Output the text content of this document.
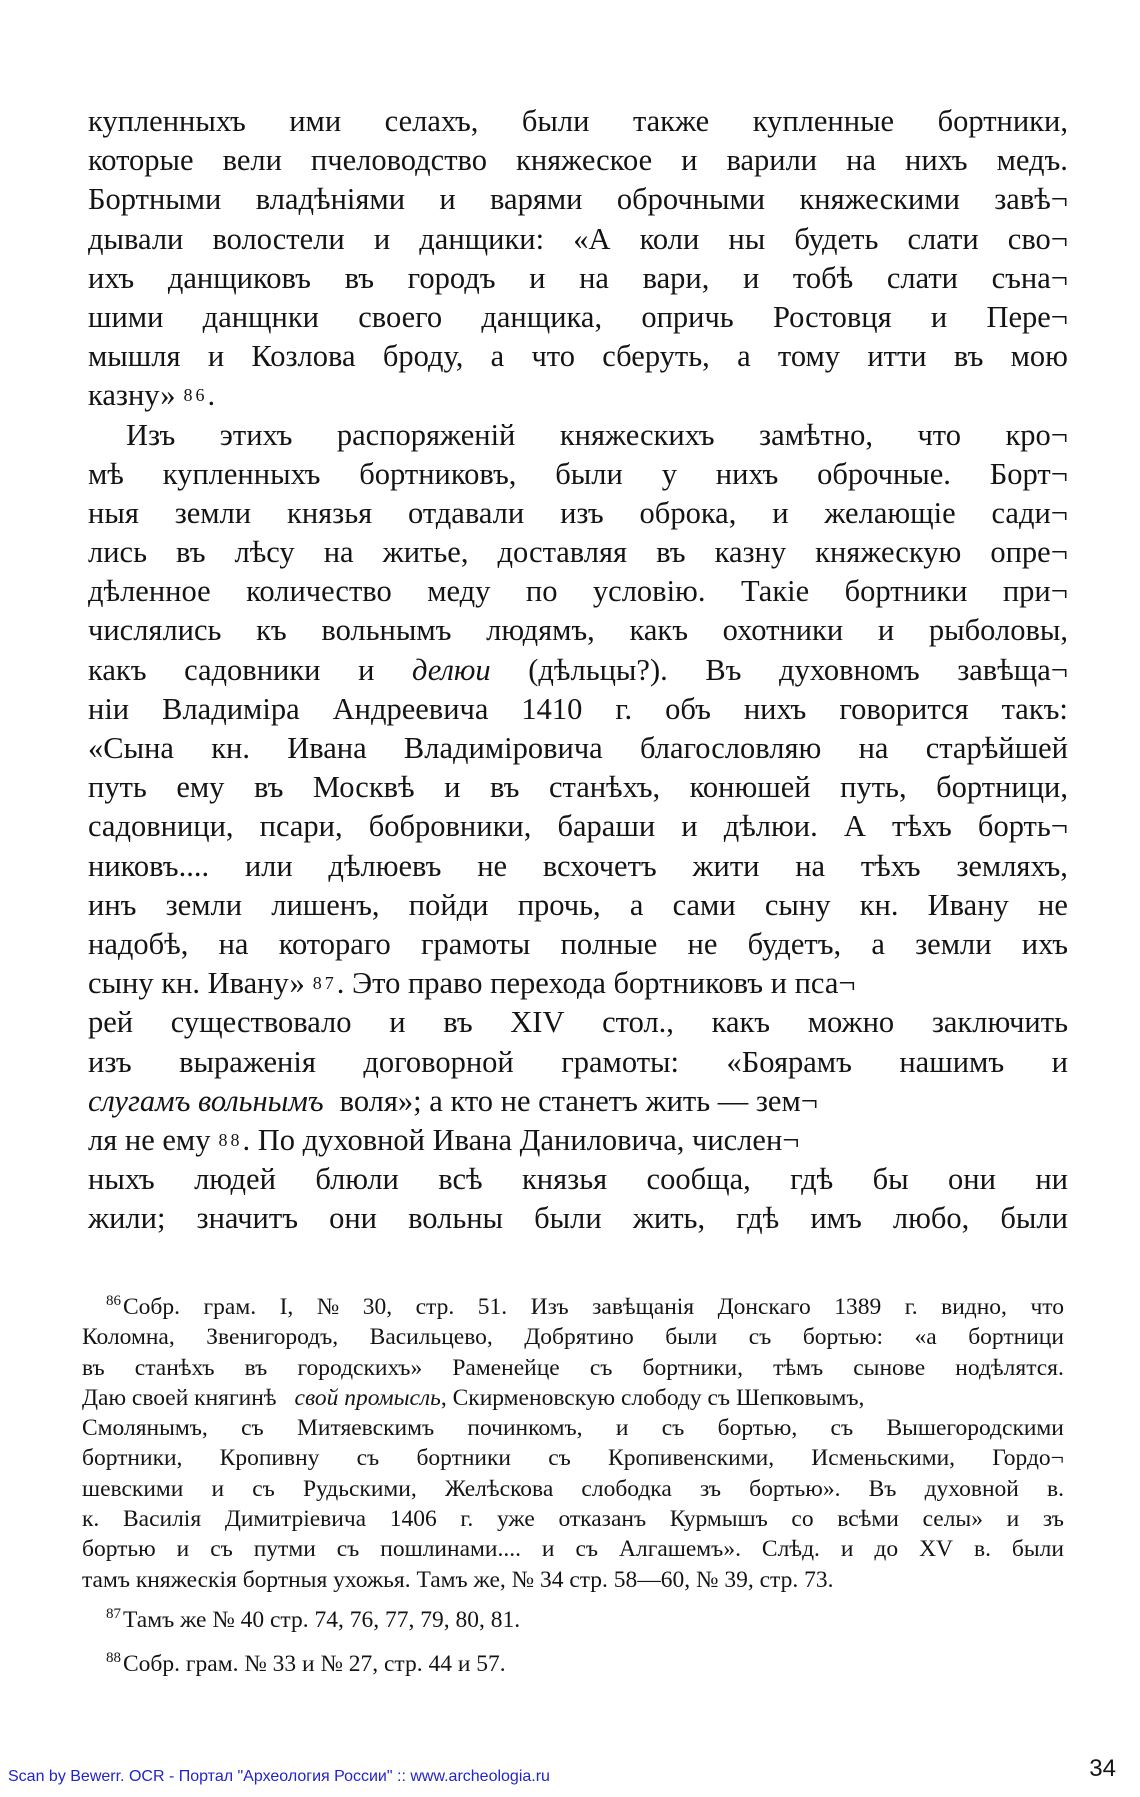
купленныхъ ими селахъ, были также купленные бортники,
которые вели пчеловодство княжеское и варили на нихъ медъ.
Бортными владѣніями и варями оброчными княжескими завѣ¬
дывали волостели и данщики: «А коли ны будеть слати сво¬
ихъ данщиковъ въ городъ и на вари, и тобѣ слати съна¬
шими данщнки своего данщика, опричь Ростовця и Пере¬
мышля и Козлова броду, а что сберуть, а тому итти въ мою
казну» $^{86}$ .
Изъ этихъ распоряженій княжескихъ замѣтно, что кро¬
мѣ купленныхъ бортниковъ, были у нихъ оброчные. Борт¬
ныя земли князья отдавали изъ оброка, и желающіе сади¬
лись въ лѣсу на житье, доставляя въ казну княжескую опре¬
дѣленное количество меду по условію. Такіе бортники при¬
числялись къ вольнымъ людямъ, какъ охотники и рыболовы,
какъ садовники и делюи (дѣльцы?). Въ духовномъ завѣща¬
ніи Владиміра Андреевича 1410 г. объ нихъ говорится такъ:
«Сына кн. Ивана Владиміровича благословляю на старѣйшей
путь ему въ Москвѣ и въ станѣхъ, конюшей путь, бортници,
садовници, псари, бобровники, бараши и дѣлюи. А тѣхъ борть¬
никовъ.... или дѣлюевъ не всхочетъ жити на тѣхъ земляхъ,
инъ земли лишенъ, пойди прочь, а сами сыну кн. Ивану не
надобѣ, на котораго грамоты полные не будетъ, а земли ихъ
сыну кн. Ивану» $^{87}$. Это право перехода бортниковъ и пса¬
рей существовало и въ XIV стол., какъ можно заключить
изъ выраженія договорной грамоты: «Боярамъ нашимъ и
слугамъ вольнымъ воля»; а кто не станетъ жить — зем¬
ля не ему $^{88}$ . По духовной Ивана Даниловича, числен¬
ныхъ людей блюли всѣ князья сообща, гдѣ бы они ни
жили; значитъ они вольны были жить, гдѣ имъ любо, были
$^{86}$ Собр. грам. I, № 30, стр. 51. Изъ завѣщанія Донскаго 1389 г. видно, что
Коломна, Звенигородъ, Васильцево, Добрятино были съ бортью: «а бортници
въ станѣхъ въ городскихъ» Раменейце съ бортники, тѣмъ сынове нодѣлятся.
Даю своей княгинѣ свой промысль , Скирменовскую слободу съ Шепковымъ,
Смолянымъ, съ Митяевскимъ починкомъ, и съ бортью, съ Вышегородскими
бортники, Кропивну съ бортники съ Кропивенскими, Исменьскими, Гордо¬
шевскими и съ Рудьскими, Желѣскова слободка зъ бортью». Въ духовной в.
к. Василія Димитріевича 1406 г. уже отказанъ Курмышъ со всѣми селы» и зъ
бортью и съ путми съ пошлинами.... и съ Алгашемъ». Слѣд. и до XV в. были
тамъ княжескія бортныя ухожья. Тамъ же, № 34 стр. 58—60, № 39, стр. 73.
$^{87}$Тамъ же № 40 стр. 74, 76, 77, 79, 80, 81.
$^{88}$Собр. грам. № 33 и № 27, стр. 44 и 57.
Scan by Bewerr. OCR - Портал "Археология России" :: www.archeologia.ru	34
